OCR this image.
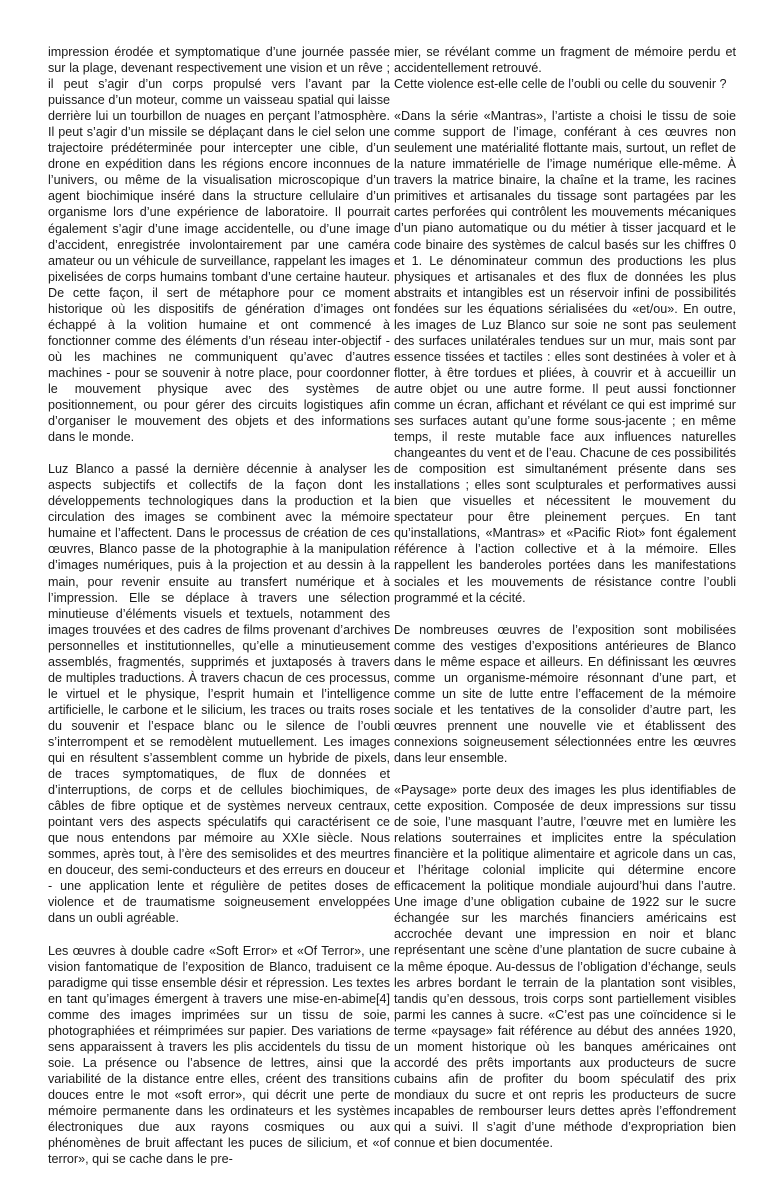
impression érodée et symptomatique d’une journée passée sur la plage, devenant respectivement une vision et un rêve ; il peut s’agir d’un corps propulsé vers l’avant par la puissance d’un moteur, comme un vaisseau spatial qui laisse derrière lui un tourbillon de nuages en perçant l’atmosphère. Il peut s’agir d’un missile se déplaçant dans le ciel selon une trajectoire prédéterminée pour intercepter une cible, d’un drone en expédition dans les régions encore inconnues de l’univers, ou même de la visualisation microscopique d’un agent biochimique inséré dans la structure cellulaire d’un organisme lors d’une expérience de laboratoire. Il pourrait également s’agir d’une image accidentelle, ou d’une image d’accident, enregistrée involontairement par une caméra amateur ou un véhicule de surveillance, rappelant les images pixelisées de corps humains tombant d’une certaine hauteur. De cette façon, il sert de métaphore pour ce moment historique où les dispositifs de génération d’images ont échappé à la volition humaine et ont commencé à fonctionner comme des éléments d’un réseau inter-objectif - où les machines ne communiquent qu’avec d’autres machines - pour se souvenir à notre place, pour coordonner le mouvement physique avec des systèmes de positionnement, ou pour gérer des circuits logistiques afin d’organiser le mouvement des objets et des informations dans le monde.

Luz Blanco a passé la dernière décennie à analyser les aspects subjectifs et collectifs de la façon dont les développements technologiques dans la production et la circulation des images se combinent avec la mémoire humaine et l’affectent. Dans le processus de création de ces œuvres, Blanco passe de la photographie à la manipulation d’images numériques, puis à la projection et au dessin à la main, pour revenir ensuite au transfert numérique et à l’impression. Elle se déplace à travers une sélection minutieuse d’éléments visuels et textuels, notamment des images trouvées et des cadres de films provenant d’archives personnelles et institutionnelles, qu’elle a minutieusement assemblés, fragmentés, supprimés et juxtaposés à travers de multiples traductions. À travers chacun de ces processus, le virtuel et le physique, l’esprit humain et l’intelligence artificielle, le carbone et le silicium, les traces ou traits roses du souvenir et l’espace blanc ou le silence de l’oubli s’interrompent et se remodèlent mutuellement. Les images qui en résultent s’assemblent comme un hybride de pixels, de traces symptomatiques, de flux de données et d’interruptions, de corps et de cellules biochimiques, de câbles de fibre optique et de systèmes nerveux centraux, pointant vers des aspects spéculatifs qui caractérisent ce que nous entendons par mémoire au XXIe siècle. Nous sommes, après tout, à l’ère des semisolides et des meurtres en douceur, des semi-conducteurs et des erreurs en douceur - une application lente et régulière de petites doses de violence et de traumatisme soigneusement enveloppées dans un oubli agréable.

Les œuvres à double cadre «Soft Error» et «Of Terror», une vision fantomatique de l’exposition de Blanco, traduisent ce paradigme qui tisse ensemble désir et répression. Les textes en tant qu’images émergent à travers une mise-en-abime[4] comme des images imprimées sur un tissu de soie, photographiées et réimprimées sur papier. Des variations de sens apparaissent à travers les plis accidentels du tissu de soie. La présence ou l’absence de lettres, ainsi que la variabilité de la distance entre elles, créent des transitions douces entre le mot «soft error», qui décrit une perte de mémoire permanente dans les ordinateurs et les systèmes électroniques due aux rayons cosmiques ou aux phénomènes de bruit affectant les puces de silicium, et «of terror», qui se cache dans le pre-

mier, se révélant comme un fragment de mémoire perdu et accidentellement retrouvé.

Cette violence est-elle celle de l’oubli ou celle du souvenir ?

«Dans la série «Mantras», l’artiste a choisi le tissu de soie comme support de l’image, conférant à ces œuvres non seulement une matérialité flottante mais, surtout, un reflet de la nature immatérielle de l’image numérique elle-même. À travers la matrice binaire, la chaîne et la trame, les racines primitives et artisanales du tissage sont partagées par les cartes perforées qui contrôlent les mouvements mécaniques d’un piano automatique ou du métier à tisser jacquard et le code binaire des systèmes de calcul basés sur les chiffres 0 et 1. Le dénominateur commun des productions les plus physiques et artisanales et des flux de données les plus abstraits et intangibles est un réservoir infini de possibilités fondées sur les équations sérialisées du «et/ou». En outre, les images de Luz Blanco sur soie ne sont pas seulement des surfaces unilatérales tendues sur un mur, mais sont par essence tissées et tactiles : elles sont destinées à voler et à flotter, à être tordues et pliées, à couvrir et à accueillir un autre objet ou une autre forme. Il peut aussi fonctionner comme un écran, affichant et révélant ce qui est imprimé sur ses surfaces autant qu’une forme sous-jacente ; en même temps, il reste mutable face aux influences naturelles changeantes du vent et de l’eau. Chacune de ces possibilités de composition est simultanément présente dans ses installations ; elles sont sculpturales et performatives aussi bien que visuelles et nécessitent le mouvement du spectateur pour être pleinement perçues. En tant qu’installations, «Mantras» et «Pacific Riot» font également référence à l’action collective et à la mémoire. Elles rappellent les banderoles portées dans les manifestations sociales et les mouvements de résistance contre l’oubli programmé et la cécité.

De nombreuses œuvres de l’exposition sont mobilisées comme des vestiges d’expositions antérieures de Blanco dans le même espace et ailleurs. En définissant les œuvres comme un organisme-mémoire résonnant d’une part, et comme un site de lutte entre l’effacement de la mémoire sociale et les tentatives de la consolider d’autre part, les œuvres prennent une nouvelle vie et établissent des connexions soigneusement sélectionnées entre les œuvres dans leur ensemble.

«Paysage» porte deux des images les plus identifiables de cette exposition. Composée de deux impressions sur tissu de soie, l’une masquant l’autre, l’œuvre met en lumière les relations souterraines et implicites entre la spéculation financière et la politique alimentaire et agricole dans un cas, et l’héritage colonial implicite qui détermine encore efficacement la politique mondiale aujourd’hui dans l’autre. Une image d’une obligation cubaine de 1922 sur le sucre échangée sur les marchés financiers américains est accrochée devant une impression en noir et blanc représentant une scène d’une plantation de sucre cubaine à la même époque. Au-dessus de l’obligation d’échange, seuls les arbres bordant le terrain de la plantation sont visibles, tandis qu’en dessous, trois corps sont partiellement visibles parmi les cannes à sucre. «C’est pas une coïncidence si le terme «paysage» fait référence au début des années 1920, un moment historique où les banques américaines ont accordé des prêts importants aux producteurs de sucre cubains afin de profiter du boom spéculatif des prix mondiaux du sucre et ont repris les producteurs de sucre incapables de rembourser leurs dettes après l’effondrement qui a suivi. Il s’agit d’une méthode d’expropriation bien connue et bien documentée.
